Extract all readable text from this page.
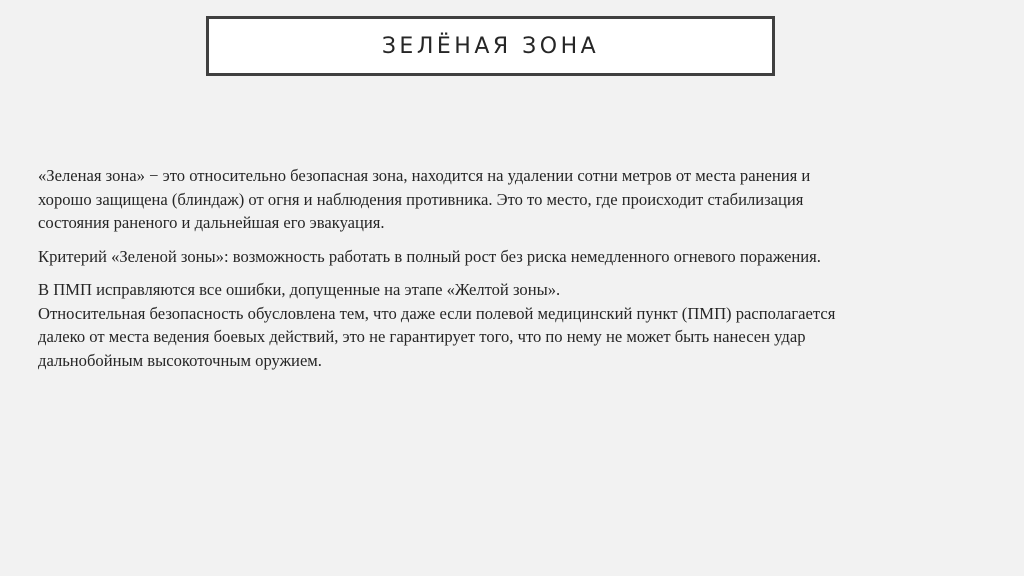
ЗЕЛЁНАЯ ЗОНА

«Зеленая зона» − это относительно безопасная зона, находится на удалении сотни метров от места ранения и
хорошо защищена (блиндаж) от огня и наблюдения противника. Это то место, где происходит стабилизация
состояния раненого и дальнейшая его эвакуация.

Критерий «Зеленой зоны»: возможность работать в полный рост без риска немедленного огневого поражения.

В ПМП исправляются все ошибки, допущенные на этапе «Желтой зоны».
Относительная безопасность обусловлена тем, что даже если полевой медицинский пункт (ПМП) располагается
далеко от места ведения боевых действий, это не гарантирует того, что по нему не может быть нанесен удар
дальнобойным высокоточным оружием.
